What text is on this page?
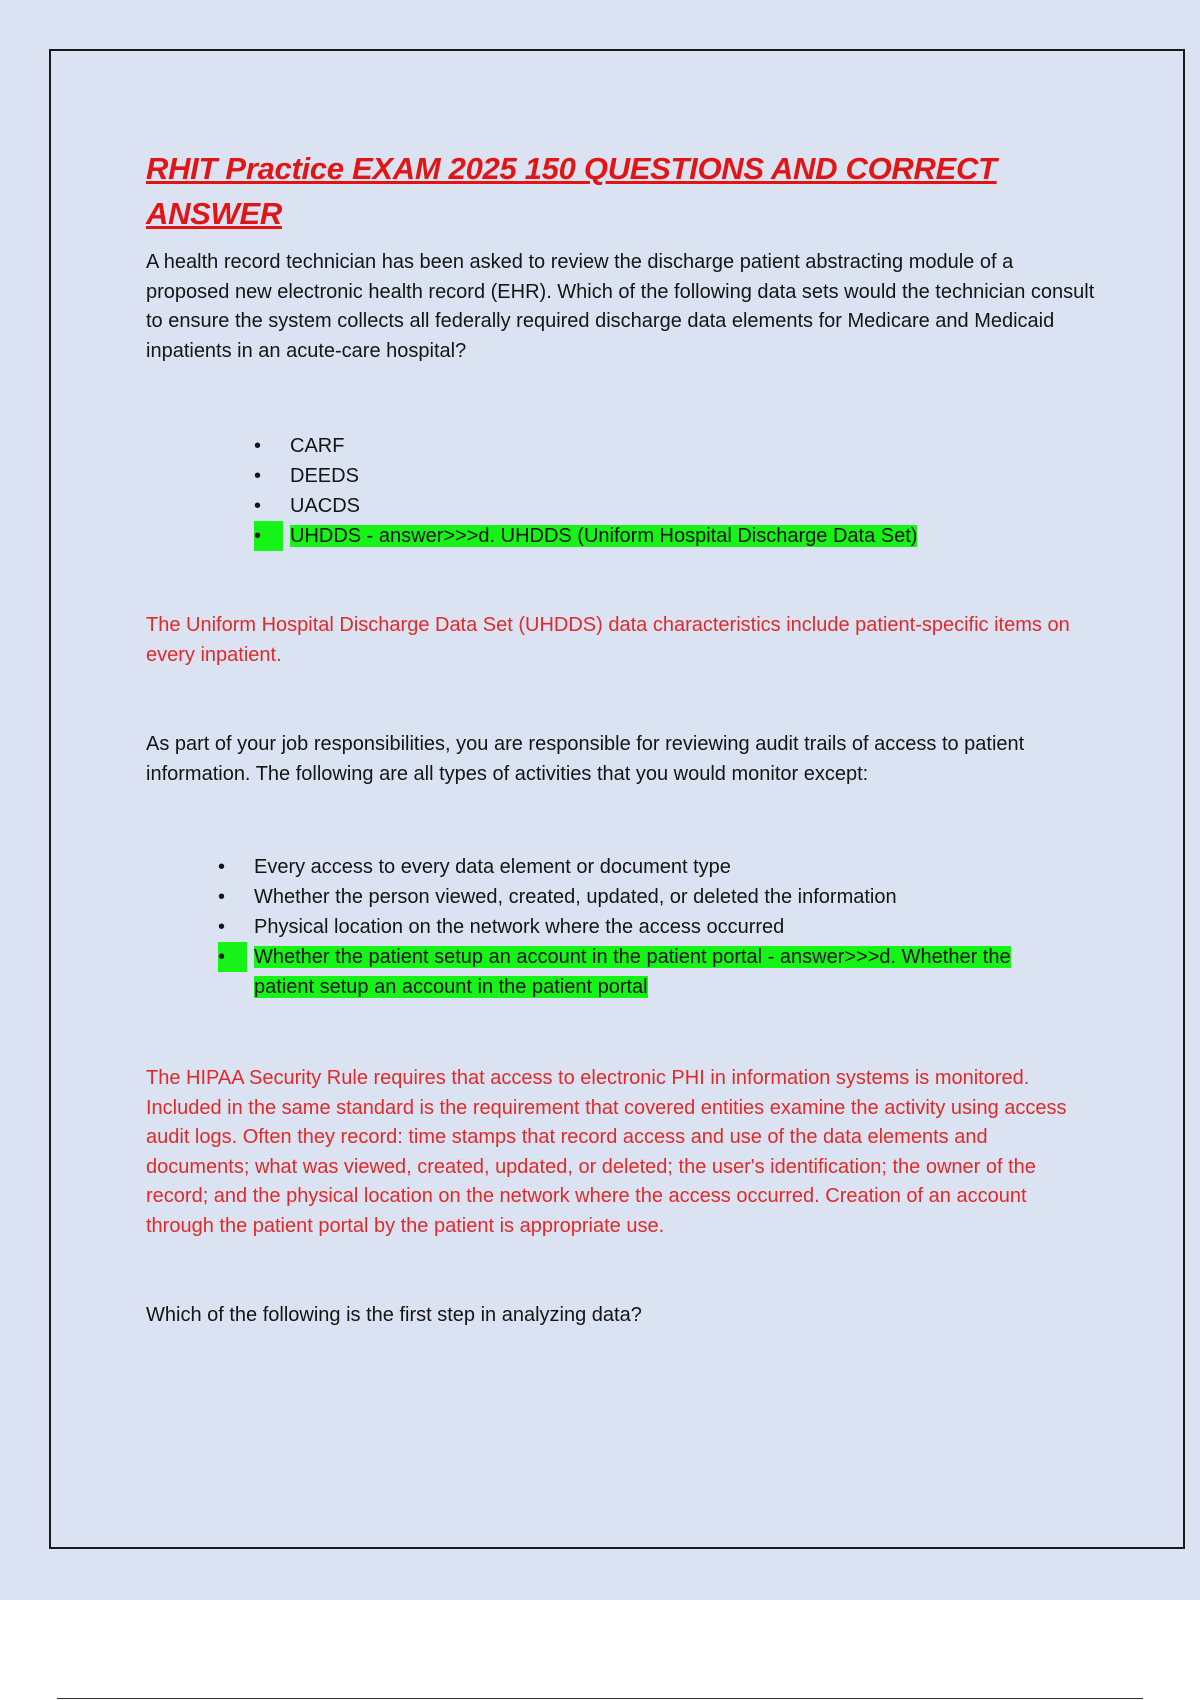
RHIT Practice EXAM 2025 150 QUESTIONS AND CORRECT ANSWER

A health record technician has been asked to review the discharge patient abstracting module of a proposed new electronic health record (EHR). Which of the following data sets would the technician consult to ensure the system collects all federally required discharge data elements for Medicare and Medicaid inpatients in an acute-care hospital?

• CARF
• DEEDS
• UACDS
•	UHDDS - answer>>>d. UHDDS (Uniform Hospital Discharge Data Set)

The Uniform Hospital Discharge Data Set (UHDDS) data characteristics include patient-specific items on every inpatient.

As part of your job responsibilities, you are responsible for reviewing audit trails of access to patient information. The following are all types of activities that you would monitor except:

• Every access to every data element or document type
• Whether the person viewed, created, updated, or deleted the information
• Physical location on the network where the access occurred
•	Whether the patient setup an account in the patient portal - answer>>>d. Whether the patient setup an account in the patient portal

The HIPAA Security Rule requires that access to electronic PHI in information systems is monitored. Included in the same standard is the requirement that covered entities examine the activity using access audit logs. Often they record: time stamps that record access and use of the data elements and documents; what was viewed, created, updated, or deleted; the user's identification; the owner of the record; and the physical location on the network where the access occurred. Creation of an account through the patient portal by the patient is appropriate use.

Which of the following is the first step in analyzing data?
